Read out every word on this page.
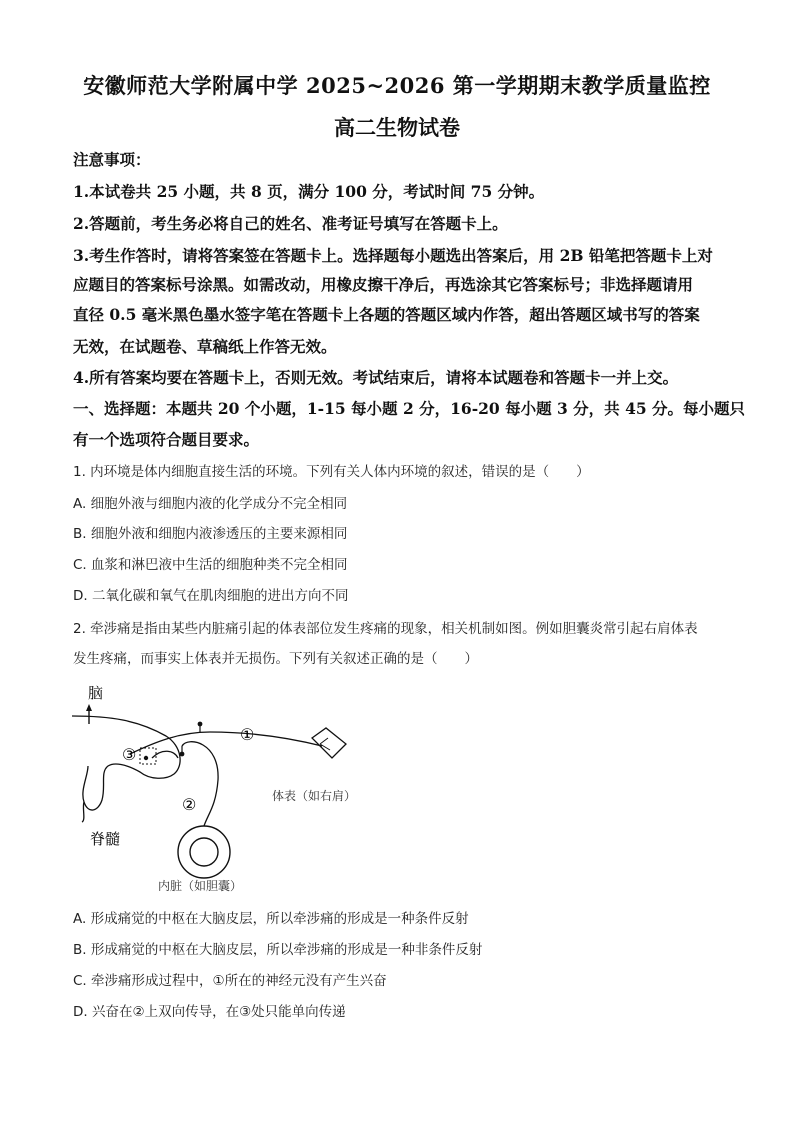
安徽师范大学附属中学 2025~2026 第一学期期末教学质量监控
高二生物试卷
注意事项：
1.本试卷共 25 小题，共 8 页，满分 100 分，考试时间 75 分钟。
2.答题前，考生务必将自己的姓名、准考证号填写在答题卡上。
3.考生作答时，请将答案签在答题卡上。选择题每小题选出答案后，用 2B 铅笔把答题卡上对
应题目的答案标号涂黑。如需改动，用橡皮擦干净后，再选涂其它答案标号；非选择题请用
直径 0.5 毫米黑色墨水签字笔在答题卡上各题的答题区域内作答，超出答题区域书写的答案
无效，在试题卷、草稿纸上作答无效。
4.所有答案均要在答题卡上，否则无效。考试结束后，请将本试题卷和答题卡一并上交。
一、选择题：本题共 20 个小题，1-15 每小题 2 分，16-20 每小题 3 分，共 45 分。每小题只
有一个选项符合题目要求。
1. 内环境是体内细胞直接生活的环境。下列有关人体内环境的叙述，错误的是（　　）
A. 细胞外液与细胞内液的化学成分不完全相同
B. 细胞外液和细胞内液渗透压的主要来源相同
C. 血浆和淋巴液中生活的细胞种类不完全相同
D. 二氧化碳和氧气在肌肉细胞的进出方向不同
2. 牵涉痛是指由某些内脏痛引起的体表部位发生疼痛的现象，相关机制如图。例如胆囊炎常引起右肩体表
发生疼痛，而事实上体表并无损伤。下列有关叙述正确的是（　　）
脑
脊髓
①
体表（如右肩）
②
③
内脏（如胆囊）
A. 形成痛觉的中枢在大脑皮层，所以牵涉痛的形成是一种条件反射
B. 形成痛觉的中枢在大脑皮层，所以牵涉痛的形成是一种非条件反射
C. 牵涉痛形成过程中，①所在的神经元没有产生兴奋
D. 兴奋在②上双向传导，在③处只能单向传递
